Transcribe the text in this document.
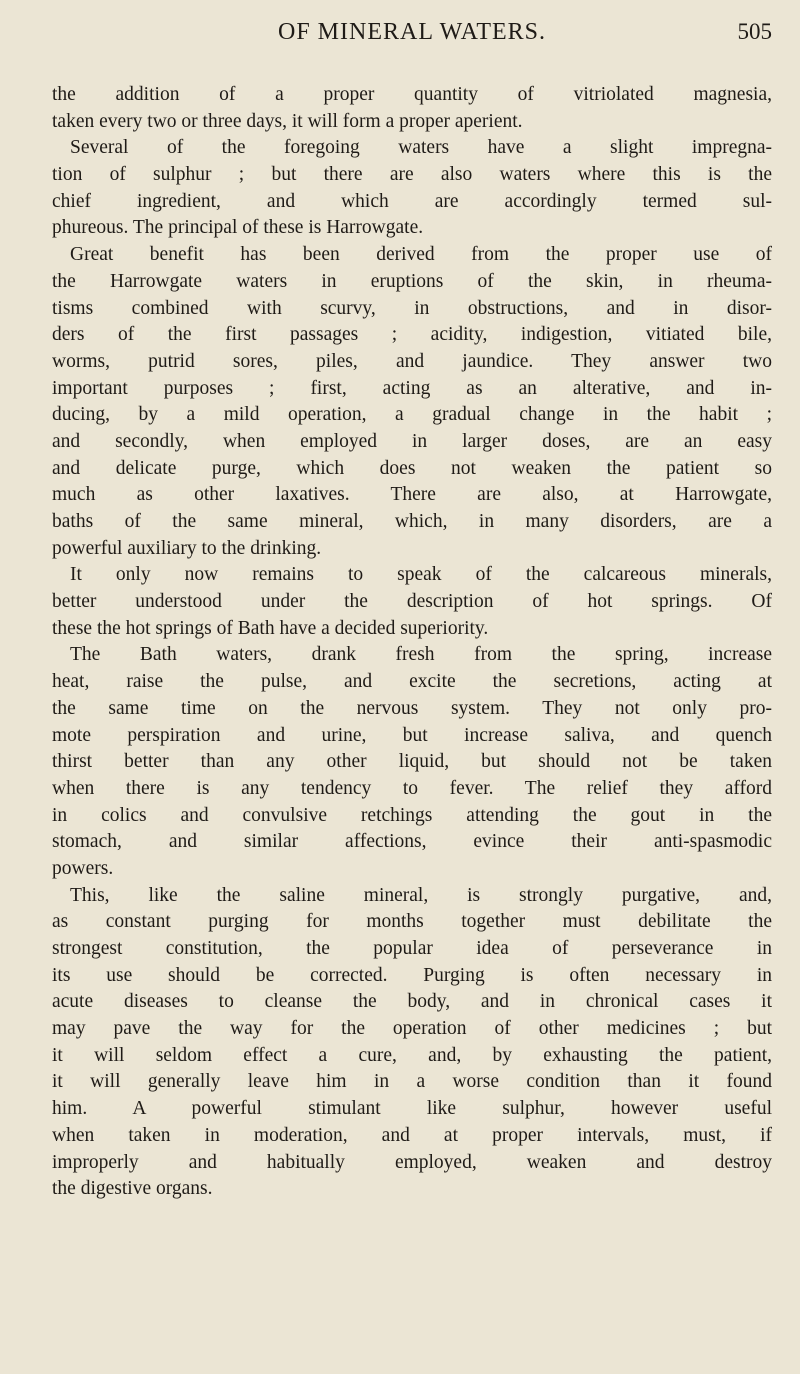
OF MINERAL WATERS.	505
the addition of a proper quantity of vitriolated magnesia,
taken every two or three days, it will form a proper aperient.
Several of the foregoing waters have a slight impregna-
tion of sulphur ; but there are also waters where this is the
chief ingredient, and which are accordingly termed sul-
phureous. The principal of these is Harrowgate.
Great benefit has been derived from the proper use of
the Harrowgate waters in eruptions of the skin, in rheuma-
tisms combined with scurvy, in obstructions, and in disor-
ders of the first passages ; acidity, indigestion, vitiated bile,
worms, putrid sores, piles, and jaundice. They answer two
important purposes ; first, acting as an alterative, and in-
ducing, by a mild operation, a gradual change in the habit ;
and secondly, when employed in larger doses, are an easy
and delicate purge, which does not weaken the patient so
much as other laxatives. There are also, at Harrowgate,
baths of the same mineral, which, in many disorders, are a
powerful auxiliary to the drinking.
It only now remains to speak of the calcareous minerals,
better understood under the description of hot springs. Of
these the hot springs of Bath have a decided superiority.
The Bath waters, drank fresh from the spring, increase
heat, raise the pulse, and excite the secretions, acting at
the same time on the nervous system. They not only pro-
mote perspiration and urine, but increase saliva, and quench
thirst better than any other liquid, but should not be taken
when there is any tendency to fever. The relief they afford
in colics and convulsive retchings attending the gout in the
stomach, and similar affections, evince their anti-spasmodic
powers.
This, like the saline mineral, is strongly purgative, and,
as constant purging for months together must debilitate the
strongest constitution, the popular idea of perseverance in
its use should be corrected. Purging is often necessary in
acute diseases to cleanse the body, and in chronical cases it
may pave the way for the operation of other medicines ; but
it will seldom effect a cure, and, by exhausting the patient,
it will generally leave him in a worse condition than it found
him. A powerful stimulant like sulphur, however useful
when taken in moderation, and at proper intervals, must, if
improperly and habitually employed, weaken and destroy
the digestive organs.
